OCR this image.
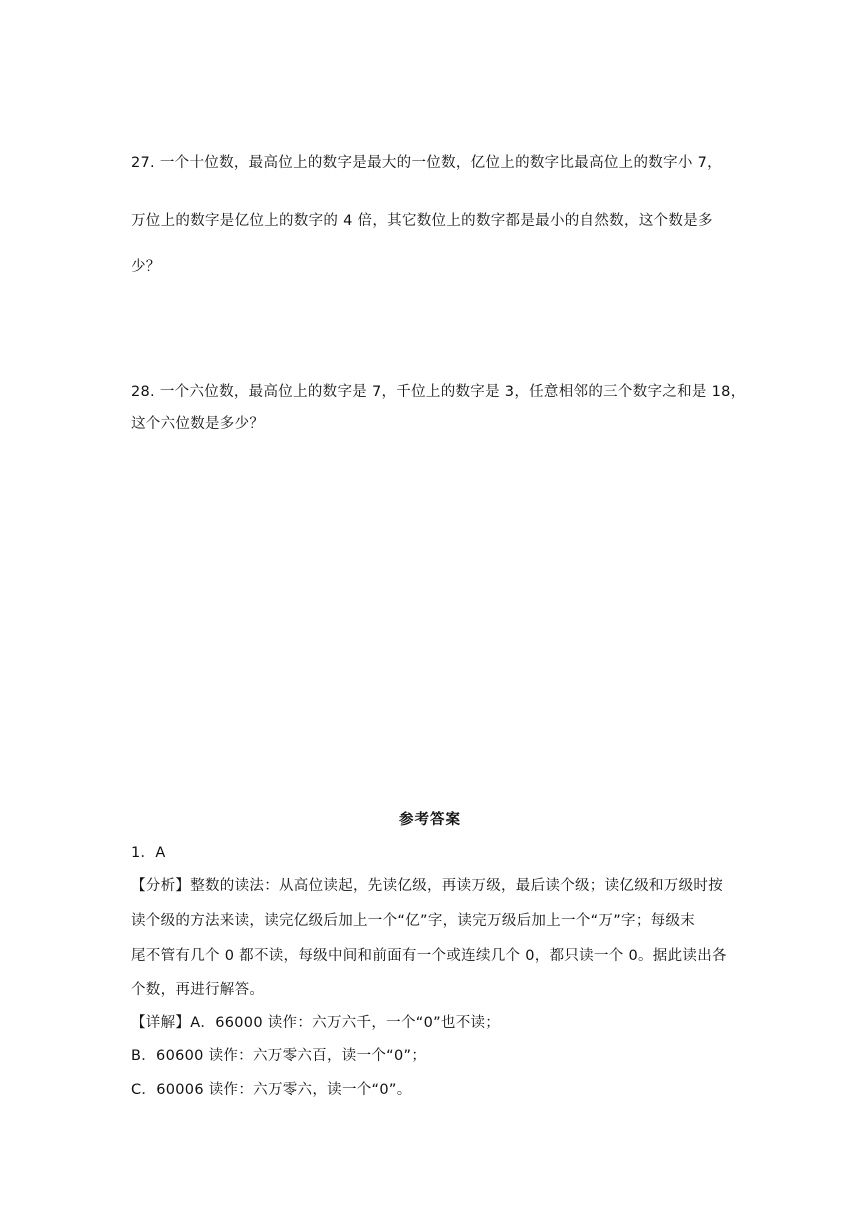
27. 一个十位数，最高位上的数字是最大的一位数，亿位上的数字比最高位上的数字小 7，
万位上的数字是亿位上的数字的 4 倍，其它数位上的数字都是最小的自然数，这个数是多
少？
28. 一个六位数，最高位上的数字是 7，千位上的数字是 3，任意相邻的三个数字之和是 18，
这个六位数是多少？
参考答案
1．A
【分析】整数的读法：从高位读起，先读亿级，再读万级，最后读个级；读亿级和万级时按
读个级的方法来读，读完亿级后加上一个“亿”字，读完万级后加上一个“万”字；每级末
尾不管有几个 0 都不读，每级中间和前面有一个或连续几个 0，都只读一个 0。据此读出各
个数，再进行解答。
【详解】A．66000 读作：六万六千，一个“0”也不读；
B．60600 读作：六万零六百，读一个“0”；
C．60006 读作：六万零六，读一个“0”。
